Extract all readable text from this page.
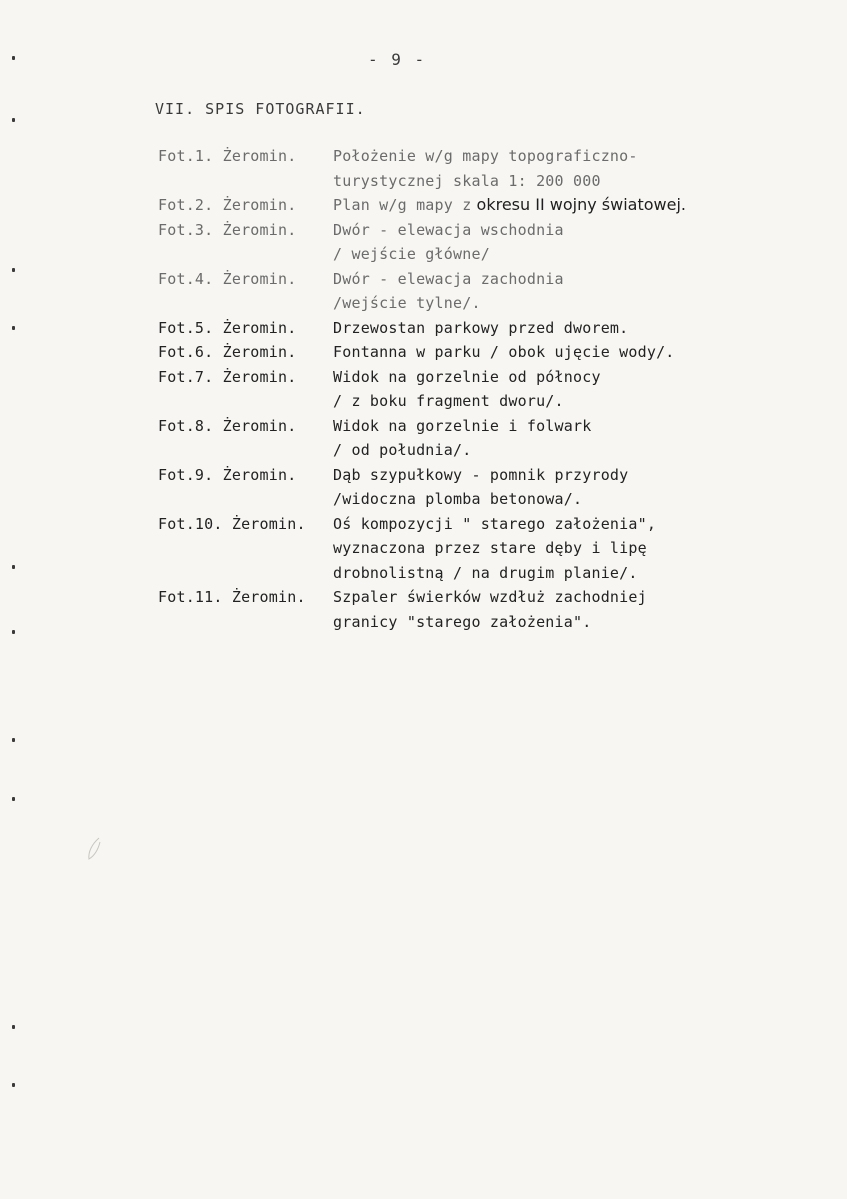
- 9 -
VII. SPIS FOTOGRAFII.
Fot.1. Żeromin.	Położenie w/g mapy topograficzno-
turystycznej skala 1: 200 000
Fot.2. Żeromin.	Plan w/g mapy z okresu II wojny światowej.
Fot.3. Żeromin.	Dwór - elewacja wschodnia
/ wejście główne/
Fot.4. Żeromin.	Dwór - elewacja zachodnia
/wejście tylne/.
Fot.5. Żeromin.	Drzewostan parkowy przed dworem.
Fot.6. Żeromin.	Fontanna w parku / obok ujęcie wody/.
Fot.7. Żeromin.	Widok na gorzelnie od północy
/ z boku fragment dworu/.
Fot.8. Żeromin.	Widok na gorzelnie i folwark
/ od południa/.
Fot.9. Żeromin.	Dąb szypułkowy - pomnik przyrody
/widoczna plomba betonowa/.
Fot.10. Żeromin.	Oś kompozycji " starego założenia",
wyznaczona przez stare dęby i lipę
drobnolistną / na drugim planie/.
Fot.11. Żeromin.	Szpaler świerków wzdłuż zachodniej
granicy "starego założenia".
